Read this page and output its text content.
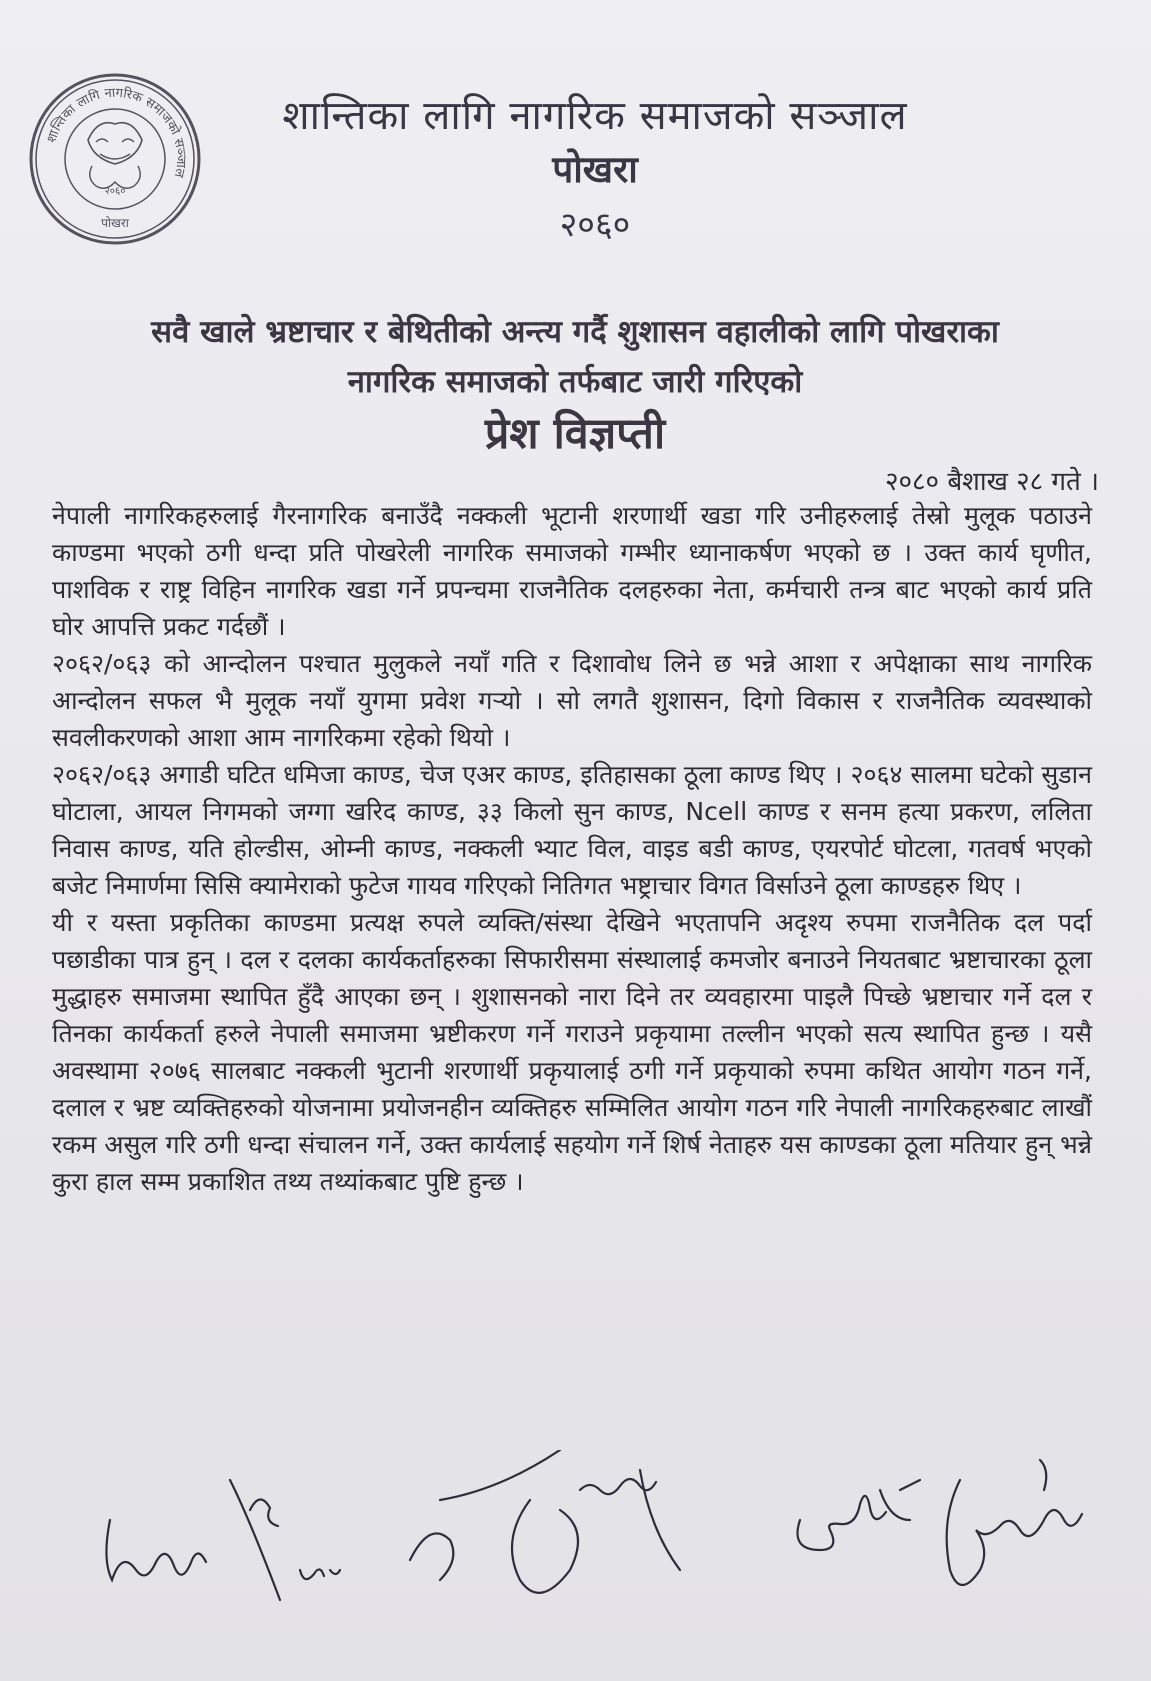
शान्तिका लागि नागरिक समाजको सञ्जाल
२०६०
पोखरा
शान्तिका लागि नागरिक समाजको सञ्जाल
पोखरा
२०६०
सवै खाले भ्रष्टाचार र बेथितीको अन्त्य गर्दै शुशासन वहालीको लागि पोखराका
नागरिक समाजको तर्फबाट जारी गरिएको
प्रेश विज्ञप्ती
२०८० बैशाख २८ गते ।

नेपाली नागरिकहरुलाई गैरनागरिक बनाउँदै नक्कली भूटानी शरणार्थी खडा गरि उनीहरुलाई तेस्रो मुलूक पठाउने काण्डमा भएको ठगी धन्दा प्रति पोखरेली नागरिक समाजको गम्भीर ध्यानाकर्षण भएको छ । उक्त कार्य घृणीत, पाशविक र राष्ट्र विहिन नागरिक खडा गर्ने प्रपन्चमा राजनैतिक दलहरुका नेता, कर्मचारी तन्त्र बाट भएको कार्य प्रति घोर आपत्ति प्रकट गर्दछौं ।

२०६२/०६३ को आन्दोलन पश्चात मुलुकले नयाँ गति र दिशावोध लिने छ भन्ने आशा र अपेक्षाका साथ नागरिक आन्दोलन सफल भै मुलूक नयाँ युगमा प्रवेश गर्‍यो । सो लगतै शुशासन, दिगो विकास र राजनैतिक व्यवस्थाको सवलीकरणको आशा आम नागरिकमा रहेको थियो ।

२०६२/०६३ अगाडी घटित धमिजा काण्ड, चेज एअर काण्ड, इतिहासका ठूला काण्ड थिए । २०६४ सालमा घटेको सुडान घोटाला, आयल निगमको जग्गा खरिद काण्ड, ३३ किलो सुन काण्ड, Ncell काण्ड र सनम हत्या प्रकरण, ललिता निवास काण्ड, यति होल्डीस, ओम्नी काण्ड, नक्कली भ्याट विल, वाइड बडी काण्ड, एयरपोर्ट घोटला, गतवर्ष भएको बजेट निमार्णमा सिसि क्यामेराको फुटेज गायव गरिएको नितिगत भष्ट्राचार विगत विर्साउने ठूला काण्डहरु थिए ।

यी र यस्ता प्रकृतिका काण्डमा प्रत्यक्ष रुपले व्यक्ति/संस्था देखिने भएतापनि अदृश्य रुपमा राजनैतिक दल पर्दा पछाडीका पात्र हुन् । दल र दलका कार्यकर्ताहरुका सिफारीसमा संस्थालाई कमजोर बनाउने नियतबाट भ्रष्टाचारका ठूला मुद्धाहरु समाजमा स्थापित हुँदै आएका छन् । शुशासनको नारा दिने तर व्यवहारमा पाइलै पिच्छे भ्रष्टाचार गर्ने दल र तिनका कार्यकर्ता हरुले नेपाली समाजमा भ्रष्टीकरण गर्ने गराउने प्रकृयामा तल्लीन भएको सत्य स्थापित हुन्छ । यसै अवस्थामा २०७६ सालबाट नक्कली भुटानी शरणार्थी प्रकृयालाई ठगी गर्ने प्रकृयाको रुपमा कथित आयोग गठन गर्ने, दलाल र भ्रष्ट व्यक्तिहरुको योजनामा प्रयोजनहीन व्यक्तिहरु सम्मिलित आयोग गठन गरि नेपाली नागरिकहरुबाट लाखौं रकम असुल गरि ठगी धन्दा संचालन गर्ने, उक्त कार्यलाई सहयोग गर्ने शिर्ष नेताहरु यस काण्डका ठूला मतियार हुन् भन्ने कुरा हाल सम्म प्रकाशित तथ्य तथ्यांकबाट पुष्टि हुन्छ ।
